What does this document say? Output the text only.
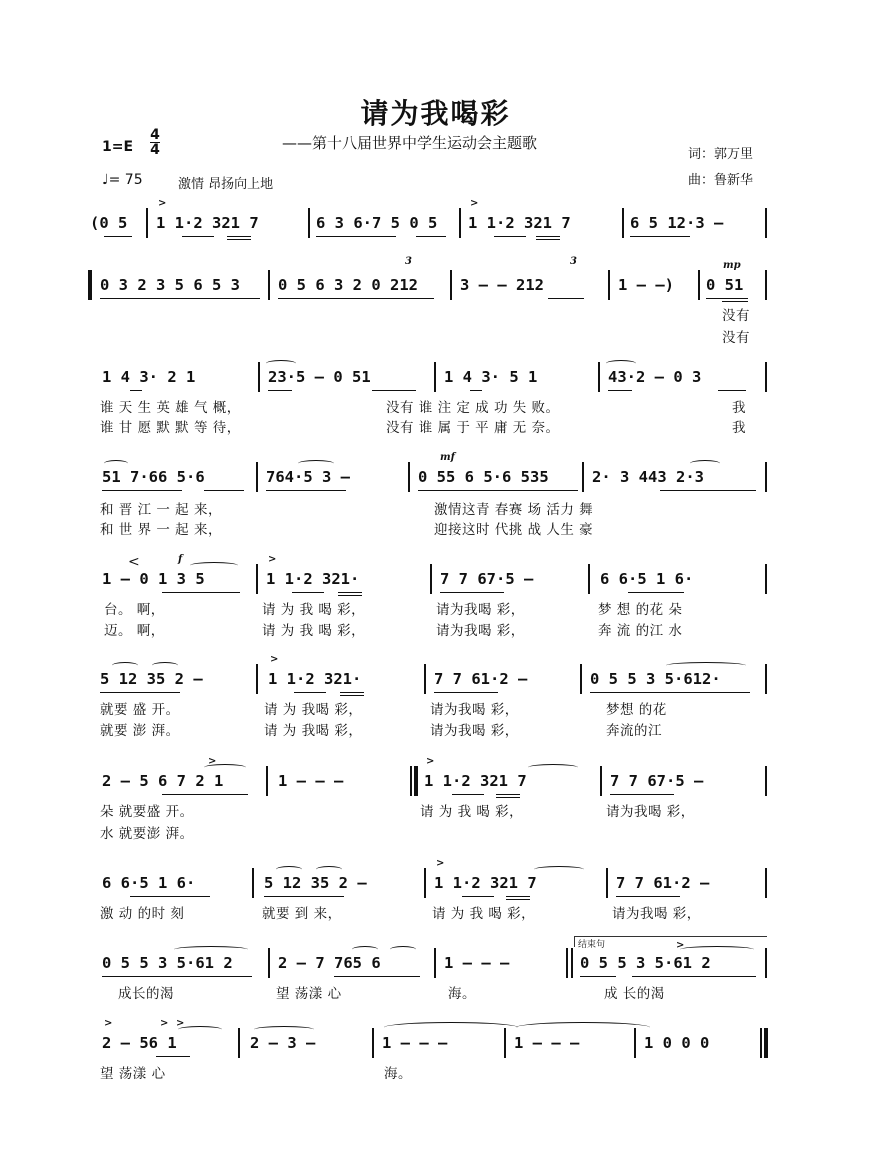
请为我喝彩
——第十八届世界中学生运动会主题歌
1=E
4
4
♩= 75	激情 昂扬向上地
词：郭万里
曲：鲁新华
(0 5 1 1·2 321 7	6 3 6·7 5 0 5 1 1·2 321 7	6 5 12·3 –
>	>
0 3 2 3 5 6 5 3 0 5 6 3 2 0 212	3 – – 212	1 – –) 0 51
3	3	mp
没有
没有
1 4 3· 2 1	23·5 – 0 51	1 4 3· 5 1	43·2 – 0 3
谁 天 生 英 雄 气 概，	没有 谁 注 定 成 功 失 败。	我
谁 甘 愿 默 默 等 待，	没有 谁 属 于 平 庸 无 奈。	我
51 7·66 5·6	764·5 3 –	0 55 6 5·6 535	2· 3 443 2·3
mf
和 晋 江 一 起 来，	激情这青 春赛 场 活力 舞
和 世 界 一 起 来，	迎接这时 代挑 战 人生 豪
1 – 0 1 3 5	1 1·2 321·	7 7 67·5 –	6 6·5 1 6·
<	f	>
台。 啊，	请 为 我 喝 彩，	请为我喝 彩，	梦 想 的花 朵
迈。 啊，	请 为 我 喝 彩，	请为我喝 彩，	奔 流 的江 水
5 12 35 2 –	1 1·2 321·	7 7 61·2 –	0 5 5 3 5·612·
>
就要 盛 开。	请 为 我喝 彩，	请为我喝 彩，	梦想 的花
就要 澎 湃。	请 为 我喝 彩，	请为我喝 彩，	奔流的江
2 – 5 6 7 2 1	1 – – –	1 1·2 321 7	7 7 67·5 –
>	>
朵 就要盛 开。	请 为 我 喝 彩，	请为我喝 彩，
水 就要澎 湃。
6 6·5 1 6·	5 12 35 2 –	1 1·2 321 7	7 7 61·2 –
>
激 动 的时 刻	就要 到 来，	请 为 我 喝 彩，	请为我喝 彩，
0 5 5 3 5·61 2	2 – 7 765 6	1 – – –	0 5 5 3 5·61 2
结束句	>
成长的渴	望 荡漾 心	海。	成 长的渴
2 – 56 1	2 – 3 –	1 – – –	1 – – –	1 0 0 0
>	> >
望 荡漾 心	海。
